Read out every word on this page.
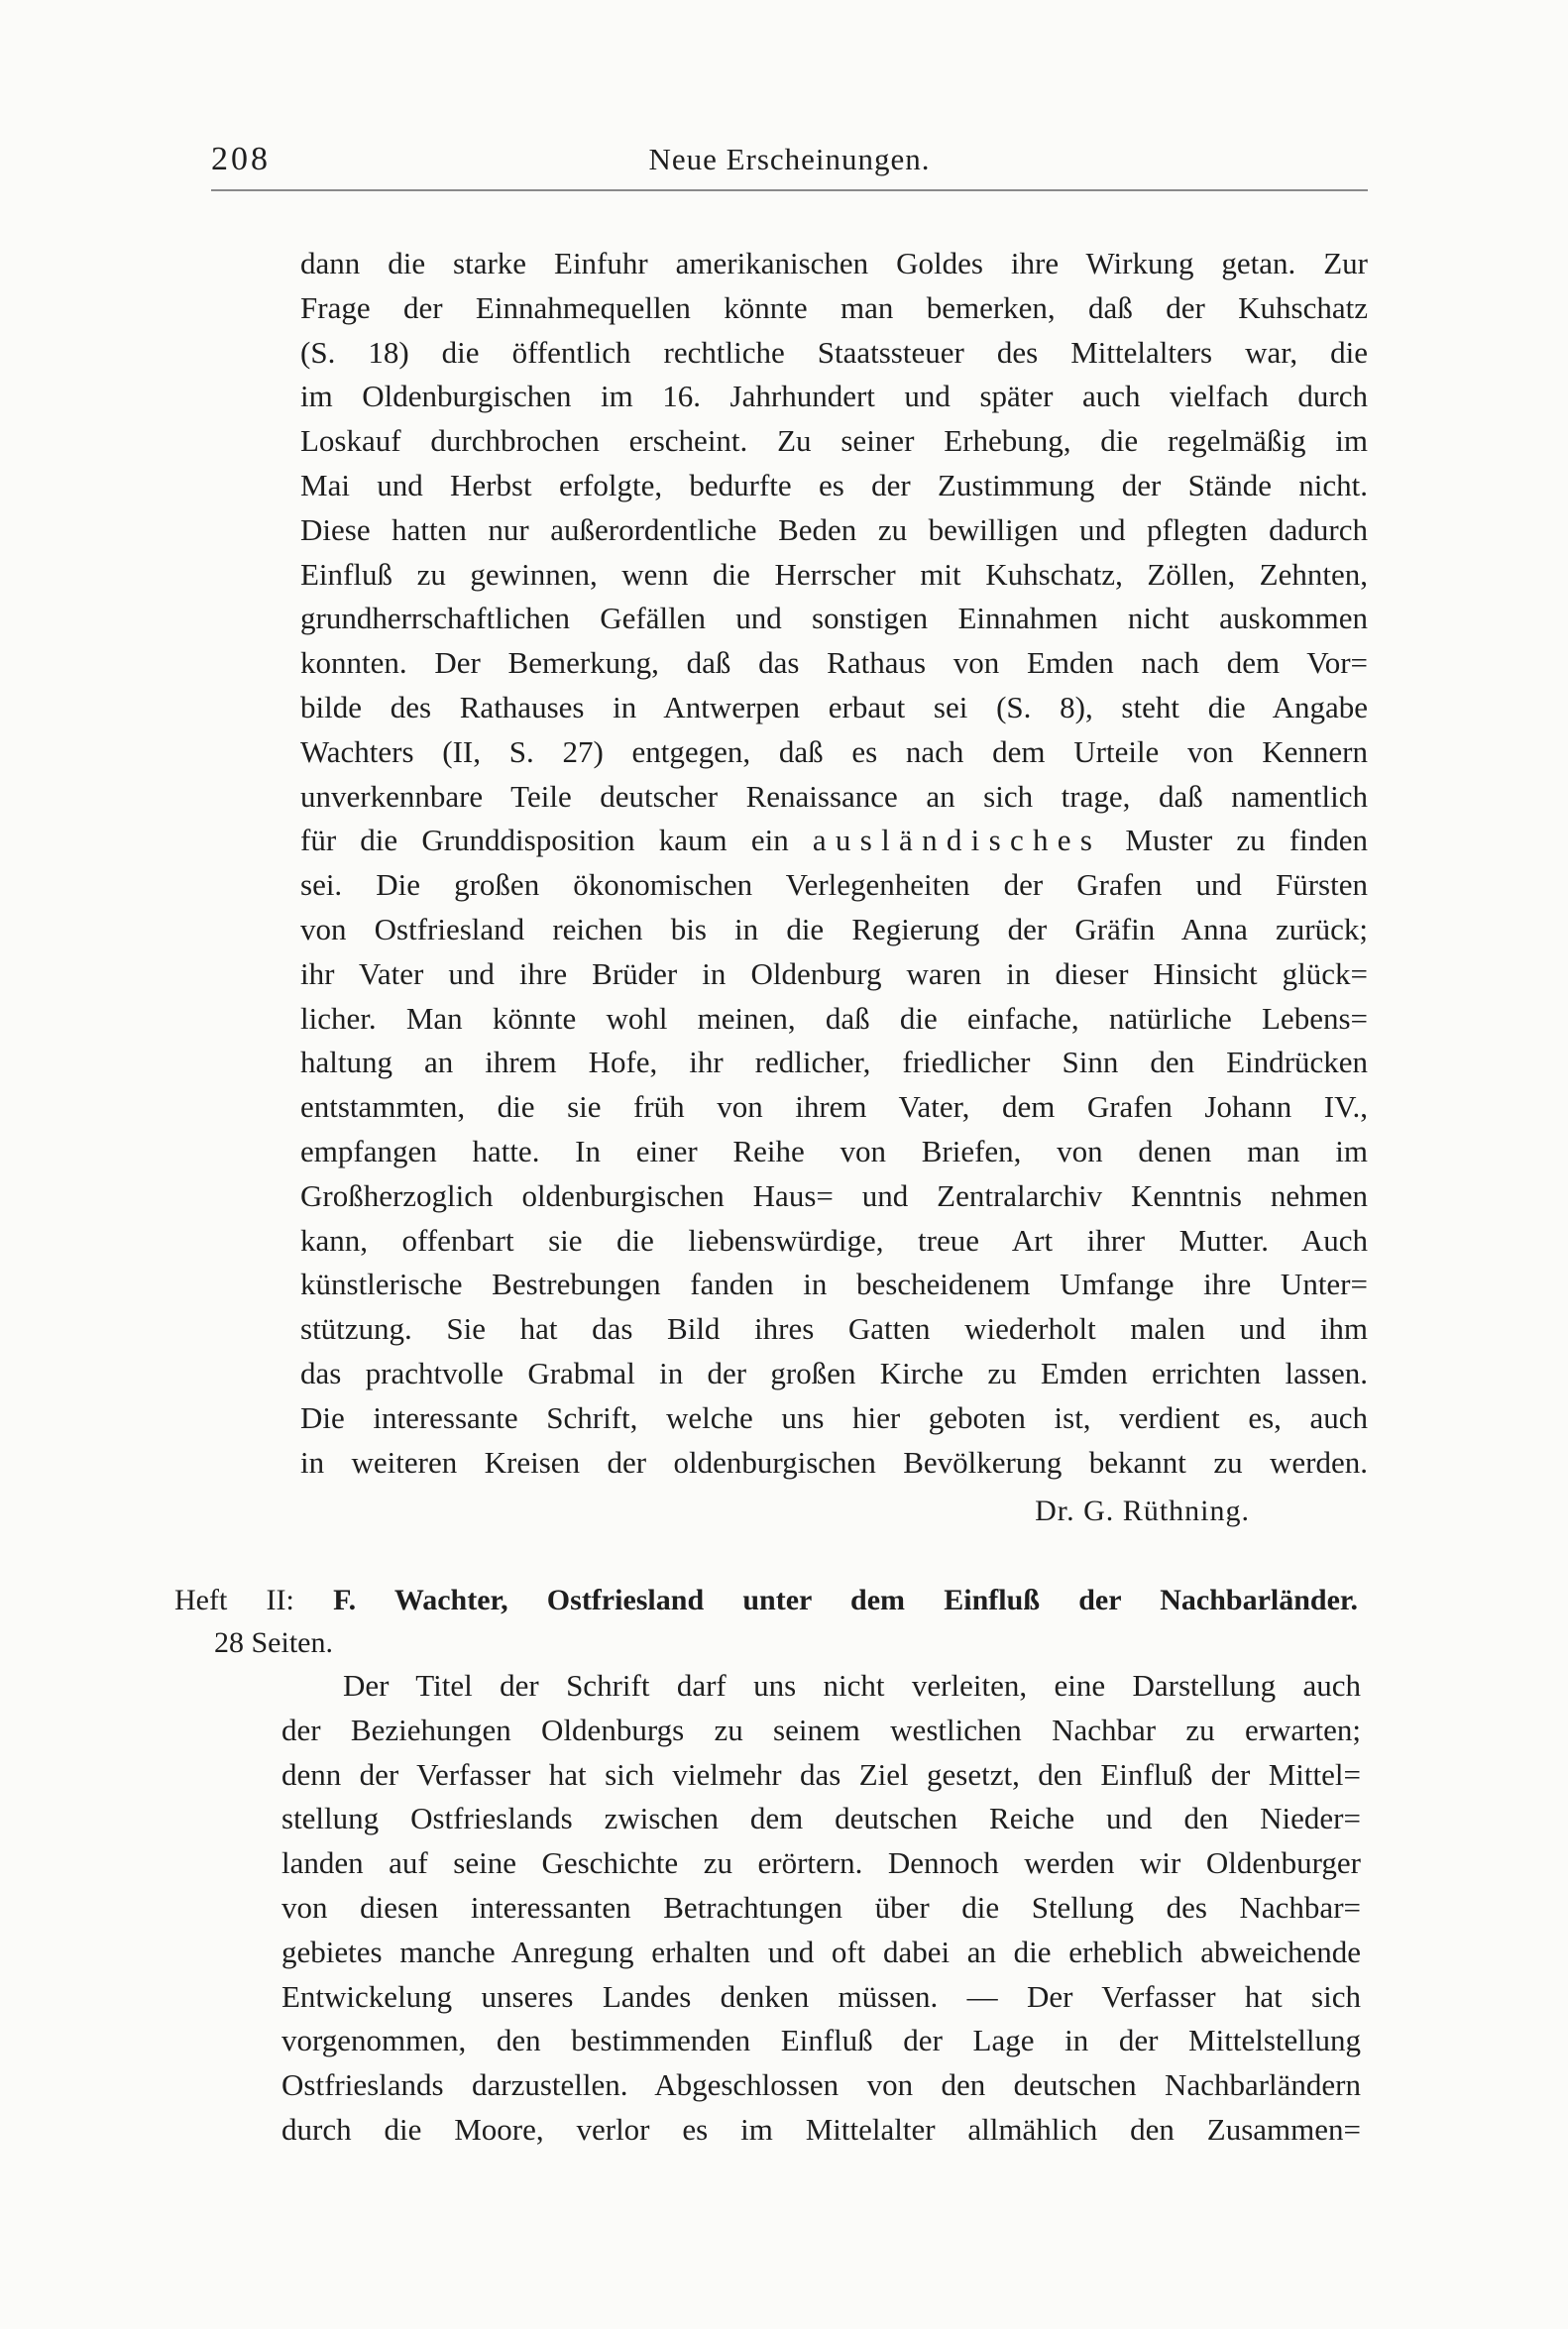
208	Neue Erscheinungen.
dann die starke Einfuhr amerikanischen Goldes ihre Wirkung getan. Zur
Frage der Einnahmequellen könnte man bemerken, daß der Kuhschatz
(S. 18) die öffentlich rechtliche Staatssteuer des Mittelalters war, die
im Oldenburgischen im 16. Jahrhundert und später auch vielfach durch
Loskauf durchbrochen erscheint. Zu seiner Erhebung, die regelmäßig im
Mai und Herbst erfolgte, bedurfte es der Zustimmung der Stände nicht.
Diese hatten nur außerordentliche Beden zu bewilligen und pflegten dadurch
Einfluß zu gewinnen, wenn die Herrscher mit Kuhschatz, Zöllen, Zehnten,
grundherrschaftlichen Gefällen und sonstigen Einnahmen nicht auskommen
konnten. Der Bemerkung, daß das Rathaus von Emden nach dem Vor=
bilde des Rathauses in Antwerpen erbaut sei (S. 8), steht die Angabe
Wachters (II, S. 27) entgegen, daß es nach dem Urteile von Kennern
unverkennbare Teile deutscher Renaissance an sich trage, daß namentlich
für die Grunddisposition kaum ein ausländisches Muster zu finden
sei. Die großen ökonomischen Verlegenheiten der Grafen und Fürsten
von Ostfriesland reichen bis in die Regierung der Gräfin Anna zurück;
ihr Vater und ihre Brüder in Oldenburg waren in dieser Hinsicht glück=
licher. Man könnte wohl meinen, daß die einfache, natürliche Lebens=
haltung an ihrem Hofe, ihr redlicher, friedlicher Sinn den Eindrücken
entstammten, die sie früh von ihrem Vater, dem Grafen Johann IV.,
empfangen hatte. In einer Reihe von Briefen, von denen man im
Großherzoglich oldenburgischen Haus= und Zentralarchiv Kenntnis nehmen
kann, offenbart sie die liebenswürdige, treue Art ihrer Mutter. Auch
künstlerische Bestrebungen fanden in bescheidenem Umfange ihre Unter=
stützung. Sie hat das Bild ihres Gatten wiederholt malen und ihm
das prachtvolle Grabmal in der großen Kirche zu Emden errichten lassen.
Die interessante Schrift, welche uns hier geboten ist, verdient es, auch
in weiteren Kreisen der oldenburgischen Bevölkerung bekannt zu werden.
Dr. G. Rüthning.
Heft II: F. Wachter, Ostfriesland unter dem Einfluß der Nachbarländer.
28 Seiten.
Der Titel der Schrift darf uns nicht verleiten, eine Darstellung auch
der Beziehungen Oldenburgs zu seinem westlichen Nachbar zu erwarten;
denn der Verfasser hat sich vielmehr das Ziel gesetzt, den Einfluß der Mittel=
stellung Ostfrieslands zwischen dem deutschen Reiche und den Nieder=
landen auf seine Geschichte zu erörtern. Dennoch werden wir Oldenburger
von diesen interessanten Betrachtungen über die Stellung des Nachbar=
gebietes manche Anregung erhalten und oft dabei an die erheblich abweichende
Entwickelung unseres Landes denken müssen. — Der Verfasser hat sich
vorgenommen, den bestimmenden Einfluß der Lage in der Mittelstellung
Ostfrieslands darzustellen. Abgeschlossen von den deutschen Nachbarländern
durch die Moore, verlor es im Mittelalter allmählich den Zusammen=
